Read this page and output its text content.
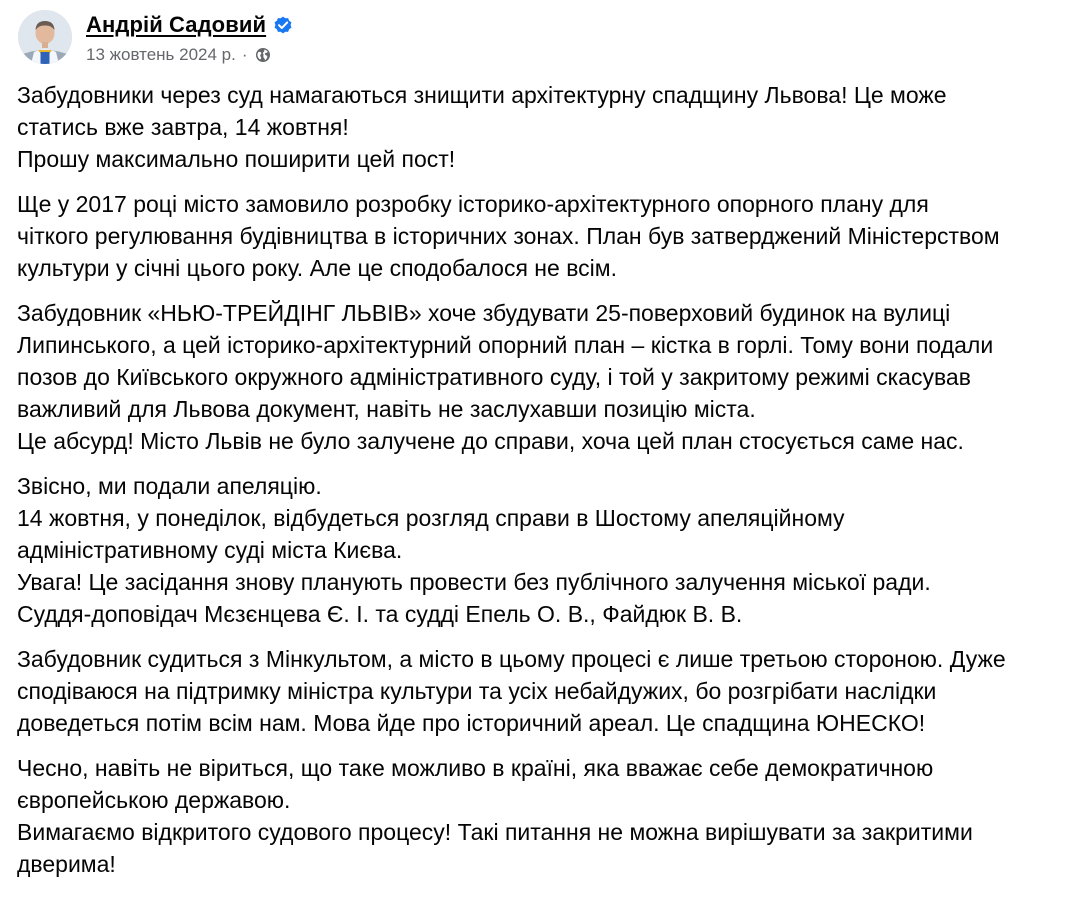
Андрій Садовий
13 жовтень 2024 р. ·

Забудовники через суд намагаються знищити архітектурну спадщину Львова! Це може
статись вже завтра, 14 жовтня!
Прошу максимально поширити цей пост!

Ще у 2017 році місто замовило розробку історико-архітектурного опорного плану для
чіткого регулювання будівництва в історичних зонах. План був затверджений Міністерством
культури у січні цього року. Але це сподобалося не всім.

Забудовник «НЬЮ-ТРЕЙДІНГ ЛЬВІВ» хоче збудувати 25-поверховий будинок на вулиці
Липинського, а цей історико-архітектурний опорний план – кістка в горлі. Тому вони подали
позов до Київського окружного адміністративного суду, і той у закритому режимі скасував
важливий для Львова документ, навіть не заслухавши позицію міста.
Це абсурд! Місто Львів не було залучене до справи, хоча цей план стосується саме нас.

Звісно, ми подали апеляцію.
14 жовтня, у понеділок, відбудеться розгляд справи в Шостому апеляційному
адміністративному суді міста Києва.
Увага! Це засідання знову планують провести без публічного залучення міської ради.
Суддя-доповідач Мєзєнцева Є. І. та судді Епель О. В., Файдюк В. В.

Забудовник судиться з Мінкультом, а місто в цьому процесі є лише третьою стороною. Дуже
сподіваюся на підтримку міністра культури та усіх небайдужих, бо розгрібати наслідки
доведеться потім всім нам. Мова йде про історичний ареал. Це спадщина ЮНЕСКО!

Чесно, навіть не віриться, що таке можливо в країні, яка вважає себе демократичною
європейською державою.
Вимагаємо відкритого судового процесу! Такі питання не можна вирішувати за закритими
дверима!
